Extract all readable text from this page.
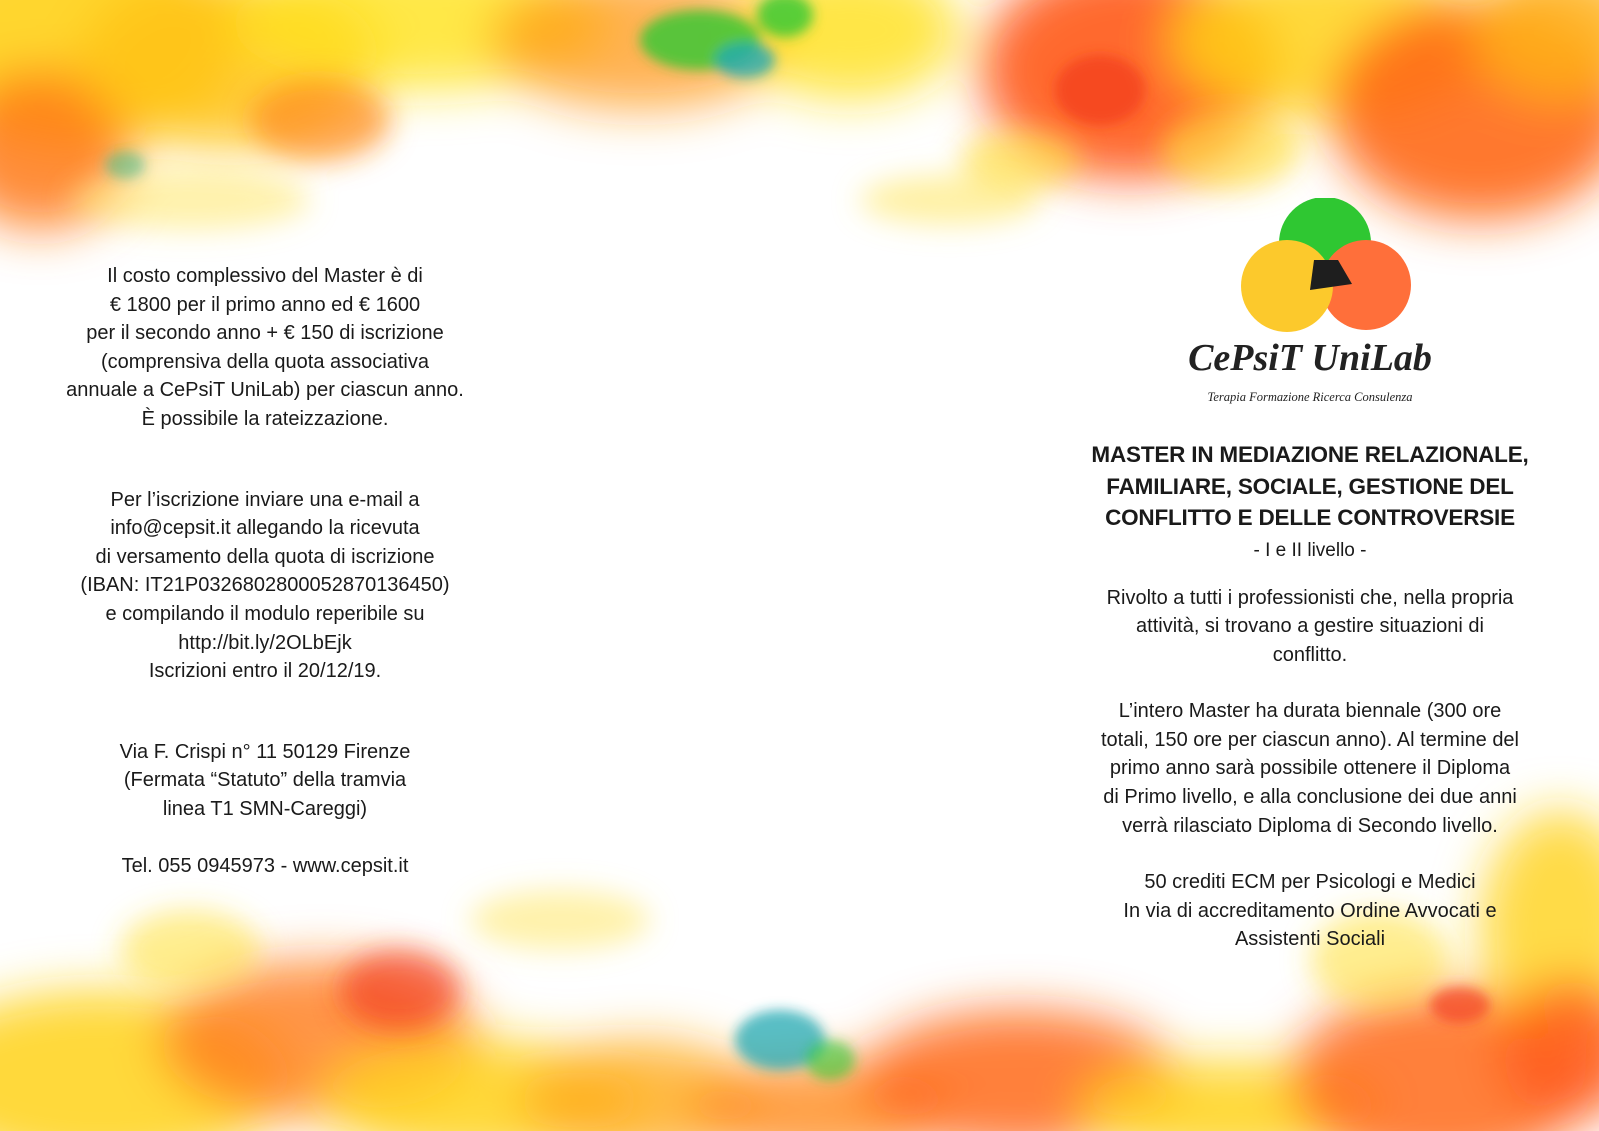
Il costo complessivo del Master è di
€ 1800 per il primo anno ed € 1600
per il secondo anno + € 150 di iscrizione
(comprensiva della quota associativa
annuale a CePsiT UniLab) per ciascun anno.
È possibile la rateizzazione.

Per l’iscrizione inviare una e-mail a
info@cepsit.it allegando la ricevuta
di versamento della quota di iscrizione
(IBAN: IT21P0326802800052870136450)
e compilando il modulo reperibile su
http://bit.ly/2OLbEjk
Iscrizioni entro il 20/12/19.

Via F. Crispi n° 11 50129 Firenze
(Fermata “Statuto” della tramvia
linea T1 SMN-Careggi)

Tel. 055 0945973 - www.cepsit.it

CePsiT UniLab
Terapia Formazione Ricerca Consulenza
MASTER IN MEDIAZIONE RELAZIONALE,
FAMILIARE, SOCIALE, GESTIONE DEL
CONFLITTO E DELLE CONTROVERSIE

- I e II livello -

Rivolto a tutti i professionisti che, nella propria
attività, si trovano a gestire situazioni di
conflitto.

L’intero Master ha durata biennale (300 ore
totali, 150 ore per ciascun anno). Al termine del
primo anno sarà possibile ottenere il Diploma
di Primo livello, e alla conclusione dei due anni
verrà rilasciato Diploma di Secondo livello.

50 crediti ECM per Psicologi e Medici
In via di accreditamento Ordine Avvocati e
Assistenti Sociali
